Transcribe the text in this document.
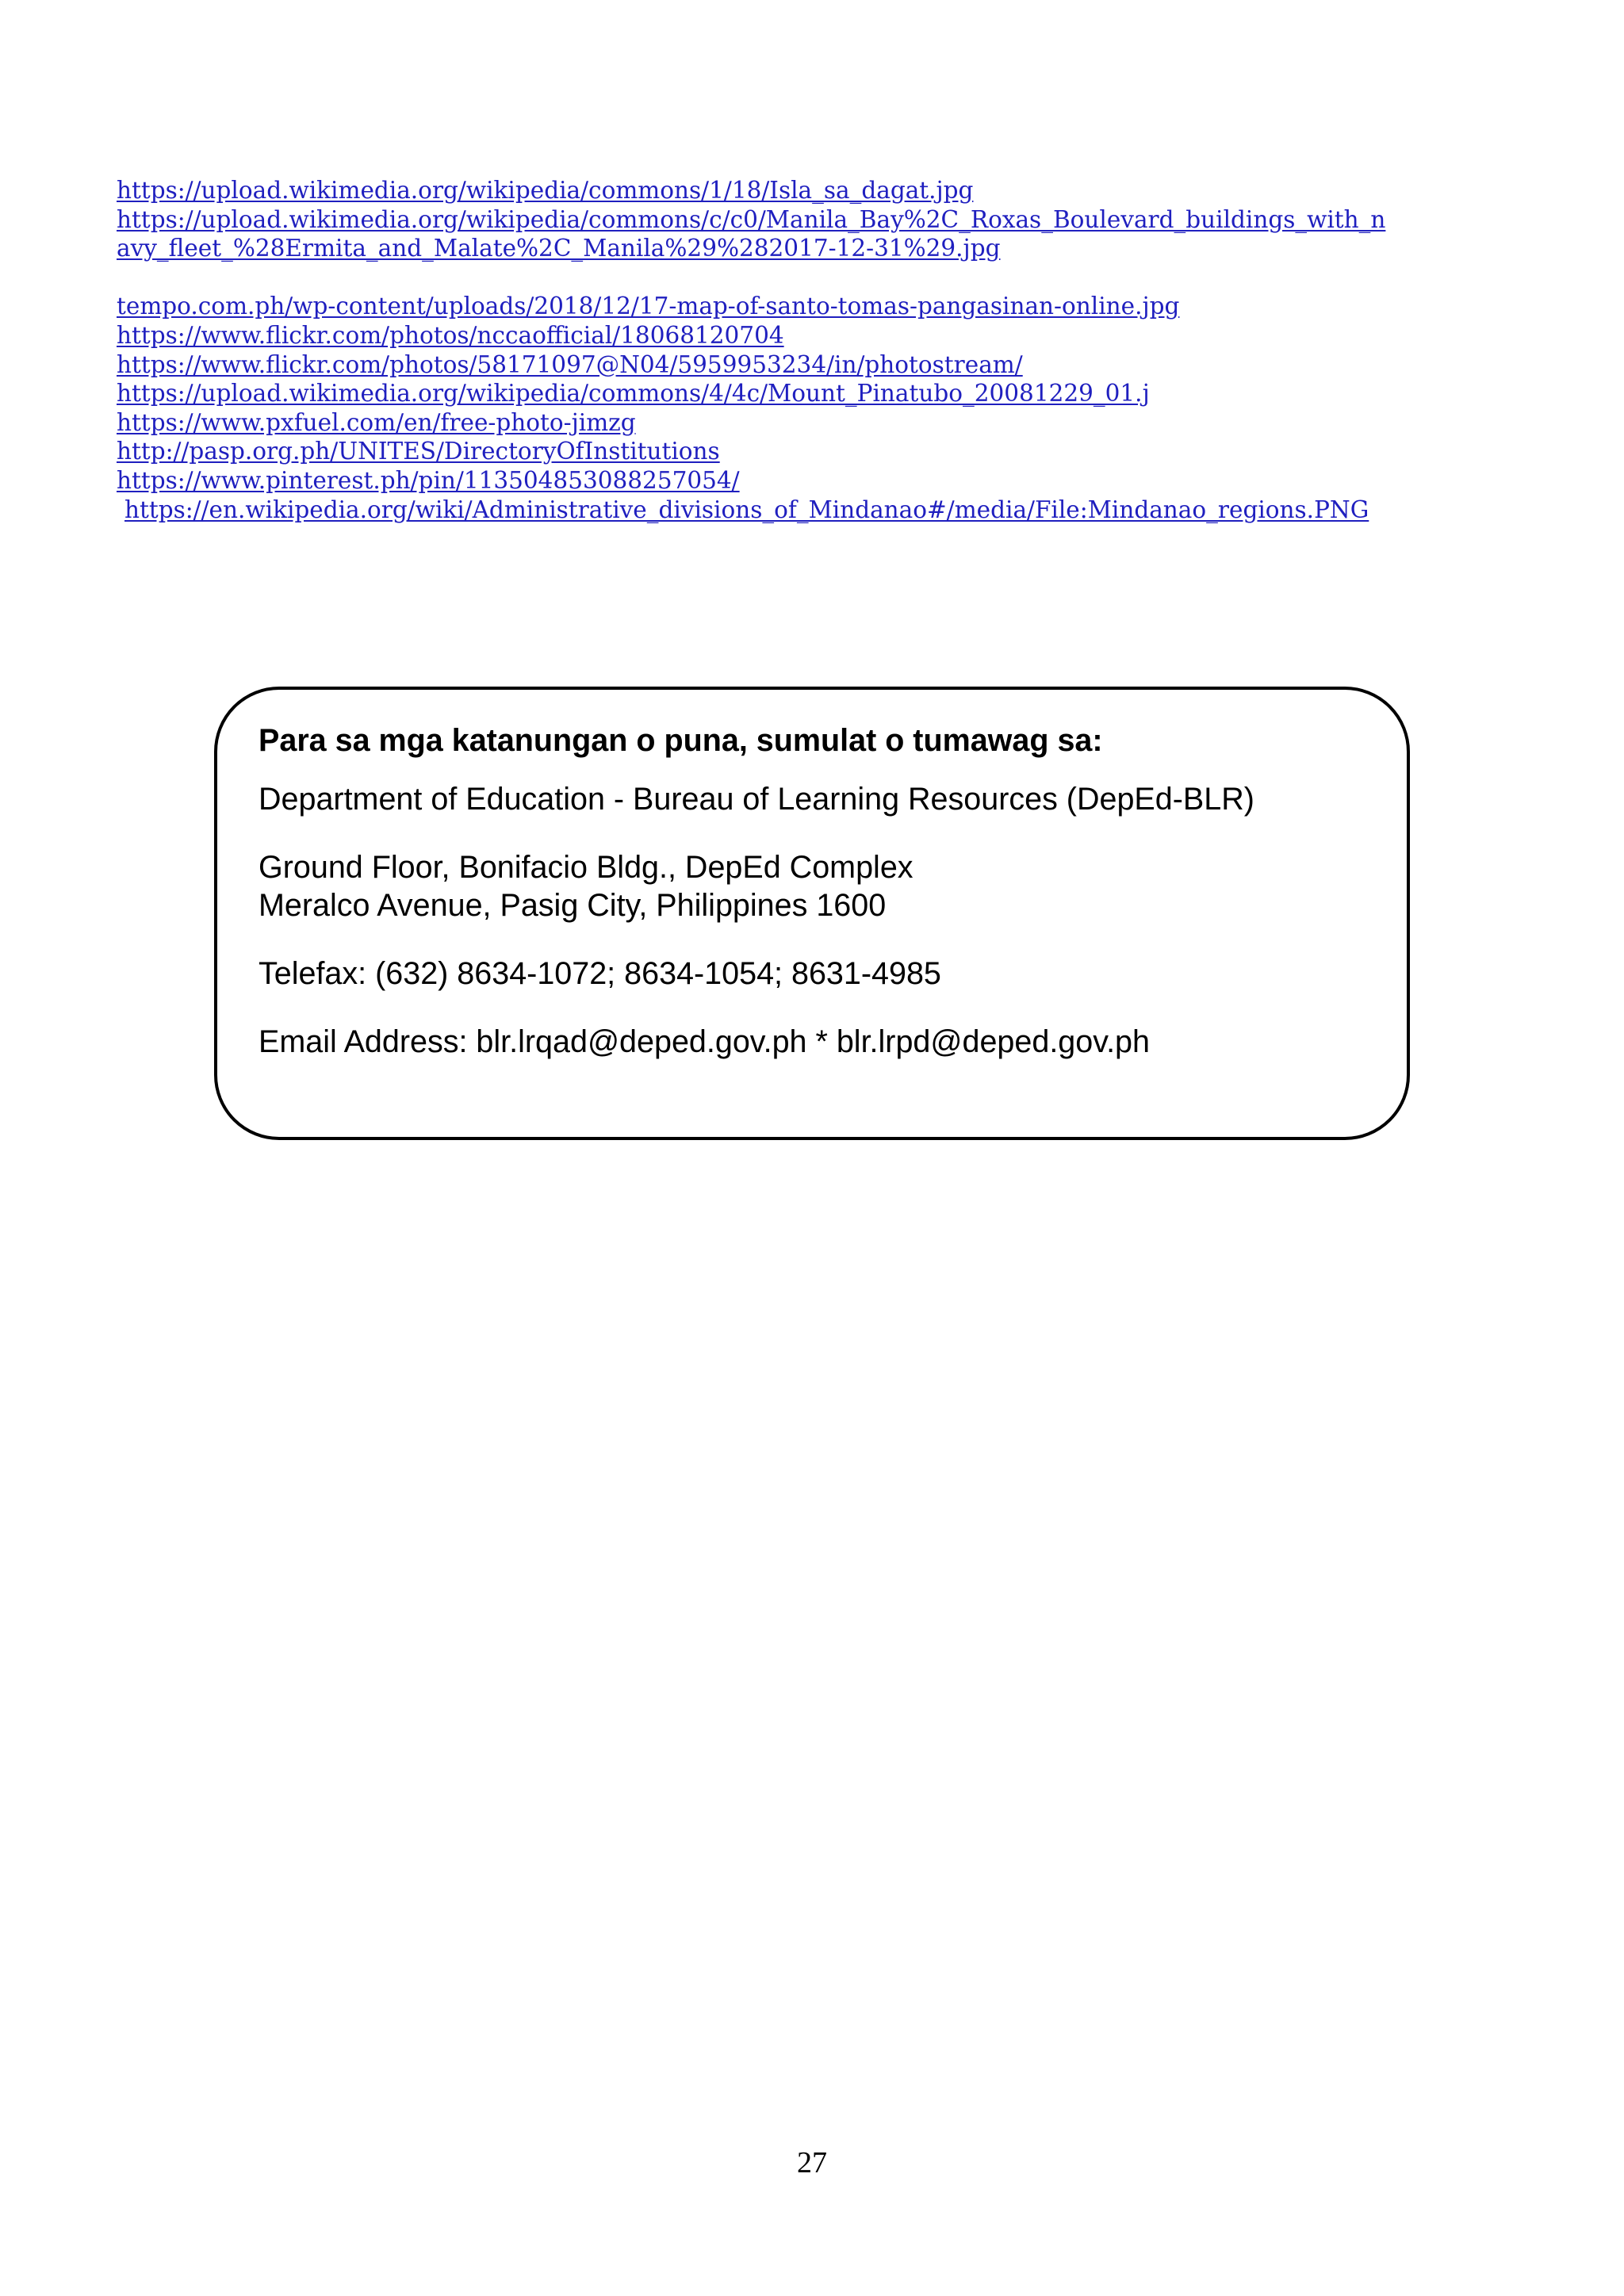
https://upload.wikimedia.org/wikipedia/commons/1/18/Isla_sa_dagat.jpg
https://upload.wikimedia.org/wikipedia/commons/c/c0/Manila_Bay%2C_Roxas_Boulevard_buildings_with_n
avy_fleet_%28Ermita_and_Malate%2C_Manila%29%282017-12-31%29.jpg
tempo.com.ph/wp-content/uploads/2018/12/17-map-of-santo-tomas-pangasinan-online.jpg
https://www.flickr.com/photos/nccaofficial/18068120704
https://www.flickr.com/photos/58171097@N04/5959953234/in/photostream/
https://upload.wikimedia.org/wikipedia/commons/4/4c/Mount_Pinatubo_20081229_01.j
https://www.pxfuel.com/en/free-photo-jimzg
http://pasp.org.ph/UNITES/DirectoryOfInstitutions
https://www.pinterest.ph/pin/113504853088257054/
https://en.wikipedia.org/wiki/Administrative_divisions_of_Mindanao#/media/File:Mindanao_regions.PNG

Para sa mga katanungan o puna, sumulat o tumawag sa:

Department of Education - Bureau of Learning Resources (DepEd-BLR)

Ground Floor, Bonifacio Bldg., DepEd Complex

Meralco Avenue, Pasig City, Philippines 1600

Telefax: (632) 8634-1072; 8634-1054; 8631-4985

Email Address: blr.lrqad@deped.gov.ph * blr.lrpd@deped.gov.ph

27
